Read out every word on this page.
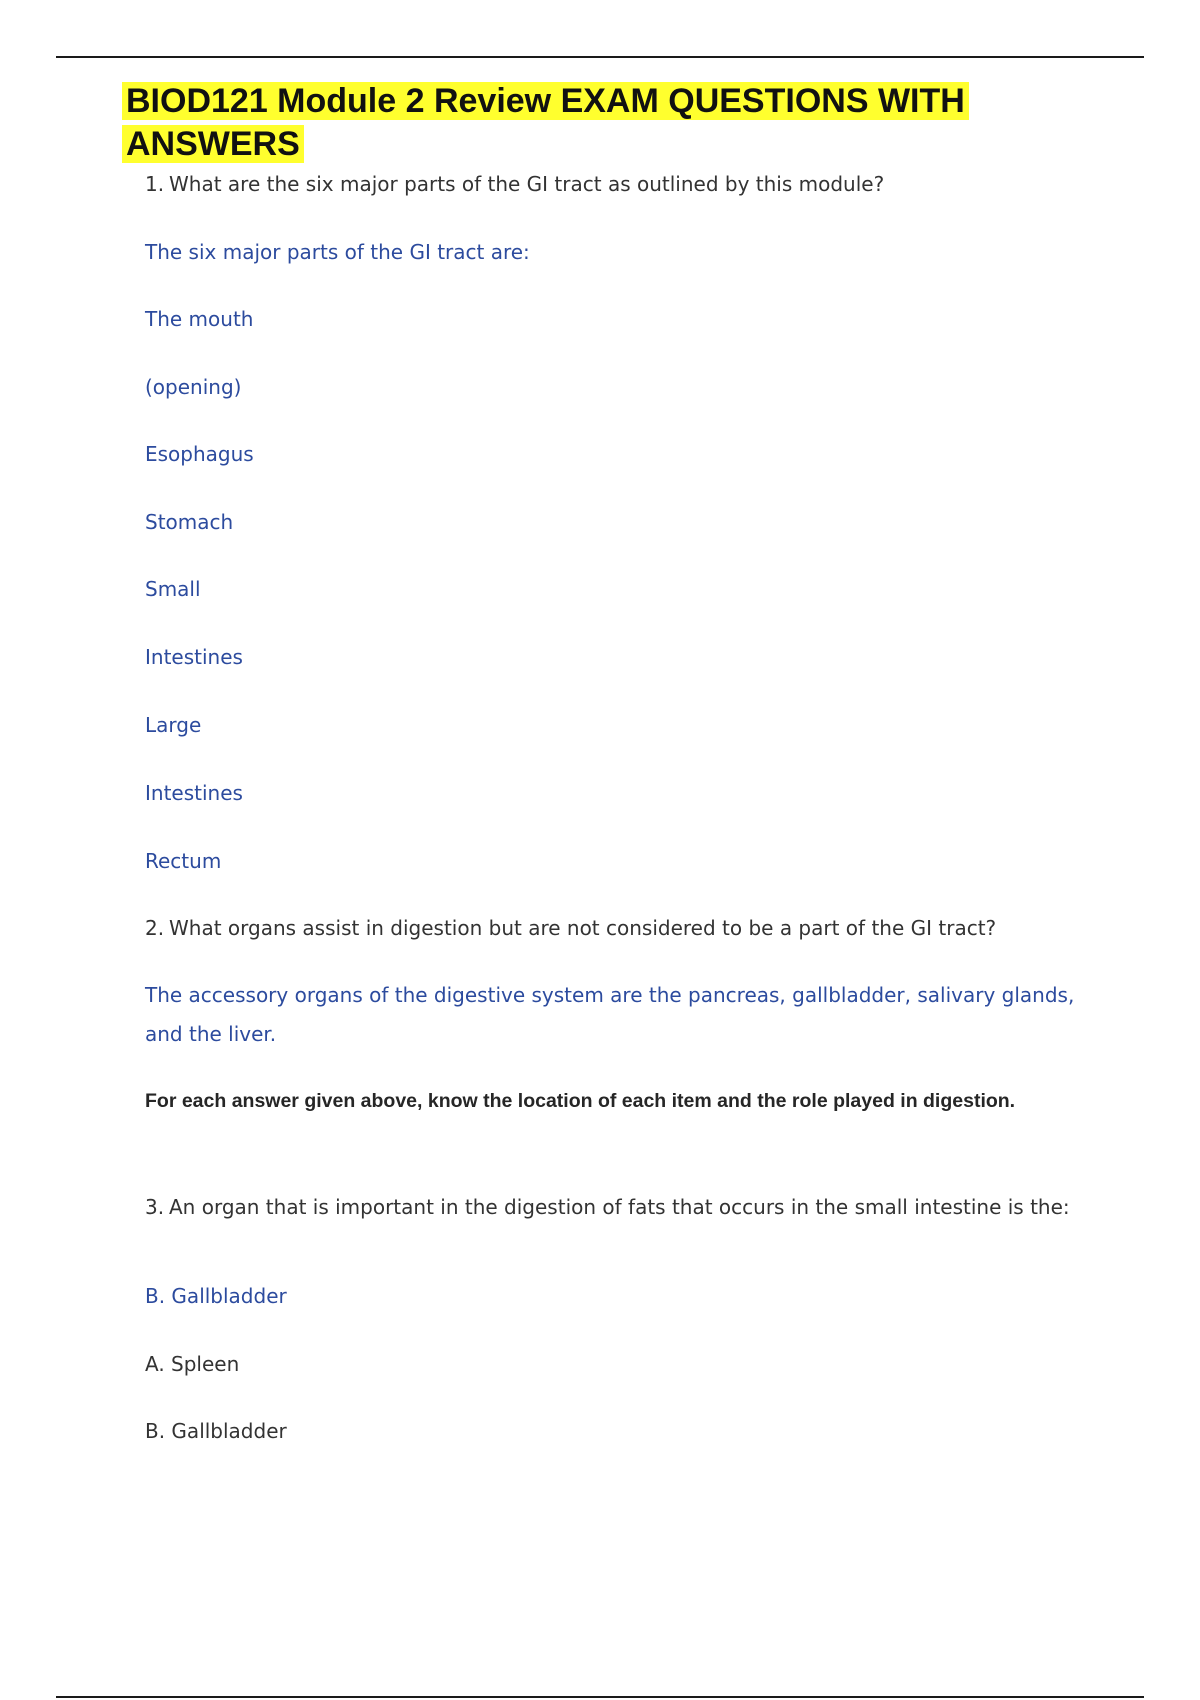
BIOD121 Module 2 Review EXAM QUESTIONS WITH ANSWERS
1. What are the six major parts of the GI tract as outlined by this module?
The six major parts of the GI tract are:
The mouth
(opening)
Esophagus
Stomach
Small
Intestines
Large
Intestines
Rectum
2. What organs assist in digestion but are not considered to be a part of the GI tract?
The accessory organs of the digestive system are the pancreas, gallbladder, salivary glands, and the liver.
For each answer given above, know the location of each item and the role played in digestion.
3. An organ that is important in the digestion of fats that occurs in the small intestine is the:
B. Gallbladder
A. Spleen
B. Gallbladder
